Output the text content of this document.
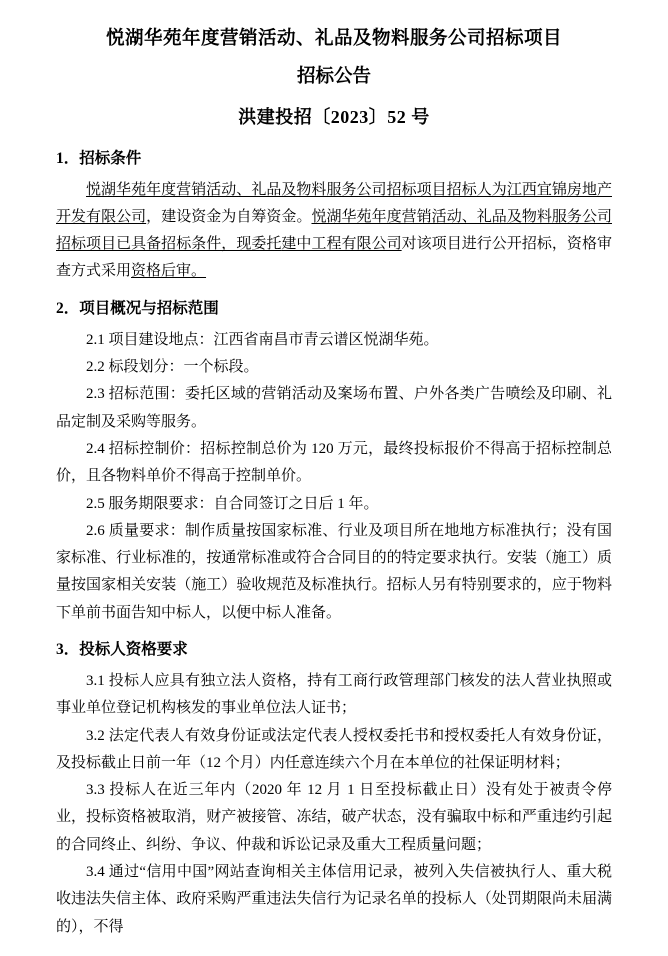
悦湖华苑年度营销活动、礼品及物料服务公司招标项目
招标公告
洪建投招〔2023〕52 号
1．招标条件

悦湖华苑年度营销活动、礼品及物料服务公司招标项目招标人为江西宜锦房地产开发有限公司，建设资金为自筹资金。悦湖华苑年度营销活动、礼品及物料服务公司招标项目已具备招标条件，现委托建中工程有限公司对该项目进行公开招标，资格审查方式采用资格后审。

2．项目概况与招标范围

2.1 项目建设地点：江西省南昌市青云谱区悦湖华苑。

2.2 标段划分：一个标段。

2.3 招标范围：委托区域的营销活动及案场布置、户外各类广告喷绘及印刷、礼品定制及采购等服务。

2.4 招标控制价：招标控制总价为 120 万元，最终投标报价不得高于招标控制总价，且各物料单价不得高于控制单价。

2.5 服务期限要求：自合同签订之日后 1 年。

2.6 质量要求：制作质量按国家标准、行业及项目所在地地方标准执行；没有国家标准、行业标准的，按通常标准或符合合同目的的特定要求执行。安装（施工）质量按国家相关安装（施工）验收规范及标准执行。招标人另有特别要求的，应于物料下单前书面告知中标人，以便中标人准备。

3．投标人资格要求

3.1 投标人应具有独立法人资格，持有工商行政管理部门核发的法人营业执照或事业单位登记机构核发的事业单位法人证书；

3.2 法定代表人有效身份证或法定代表人授权委托书和授权委托人有效身份证，及投标截止日前一年（12 个月）内任意连续六个月在本单位的社保证明材料；

3.3 投标人在近三年内（2020 年 12 月 1 日至投标截止日）没有处于被责令停业，投标资格被取消，财产被接管、冻结，破产状态，没有骗取中标和严重违约引起的合同终止、纠纷、争议、仲裁和诉讼记录及重大工程质量问题；

3.4 通过“信用中国”网站查询相关主体信用记录，被列入失信被执行人、重大税收违法失信主体、政府采购严重违法失信行为记录名单的投标人（处罚期限尚未届满的），不得
